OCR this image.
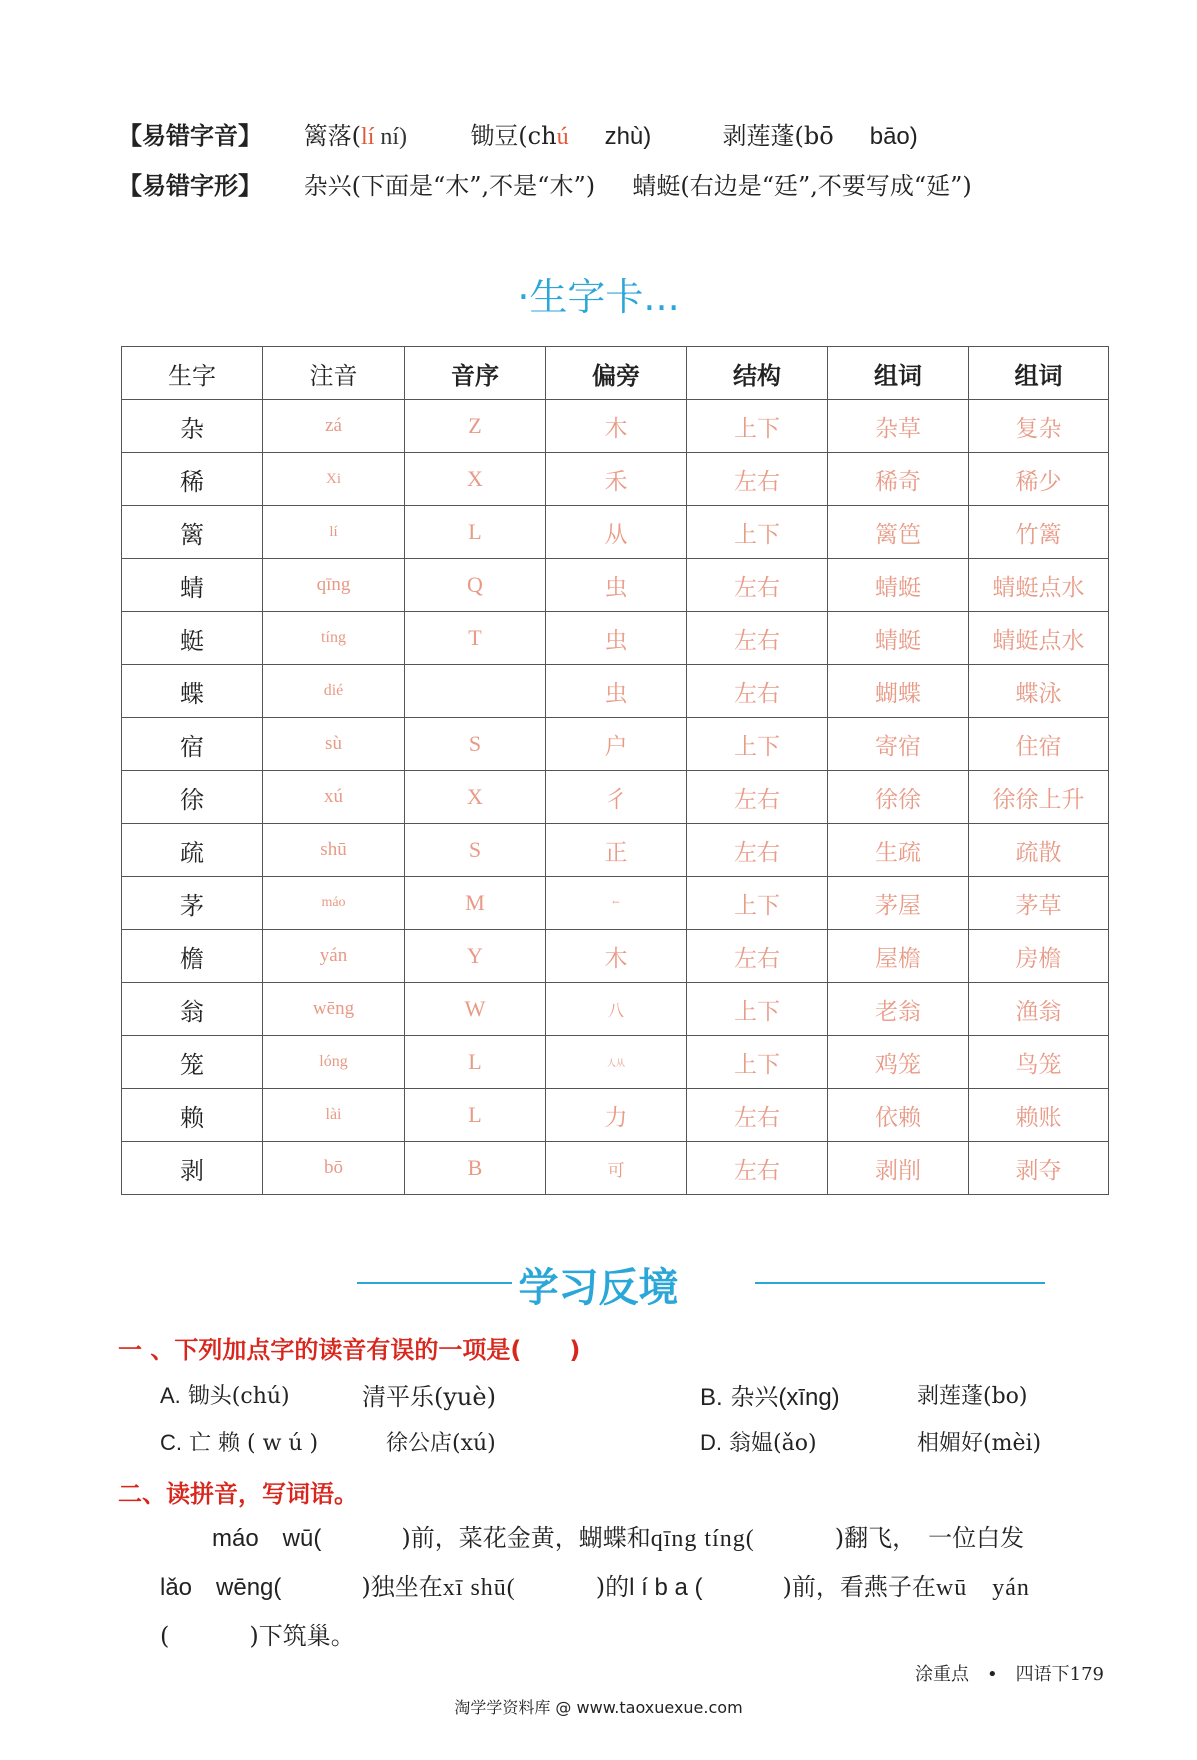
【易错字音】 篱落(lí ní)	锄豆(chú zhù)	剥莲蓬(bō bāo)
【易错字形】 杂兴(下面是“木”,不是“木”) 蜻蜓(右边是“廷”,不要写成“延”)
·生字卡...
生字	注音	音序	偏旁	结构	组词	组词
杂	zá	Z	木	上下	杂草	复杂
稀	Xi	X	禾	左右	稀奇	稀少
篱	lí	L	从	上下	篱笆	竹篱
蜻	qīng	Q	虫	左右	蜻蜓	蜻蜓点水
蜓	tíng	T	虫	左右	蜻蜓	蜻蜓点水
蝶	dié		虫	左右	蝴蝶	蝶泳
宿	sù	S	户	上下	寄宿	住宿
徐	xú	X	彳	左右	徐徐	徐徐上升
疏	shū	S	正	左右	生疏	疏散
茅	máo	M	←	上下	茅屋	茅草
檐	yán	Y	木	左右	屋檐	房檐
翁	wēng	W	八	上下	老翁	渔翁
笼	lóng	L	人从	上下	鸡笼	鸟笼
赖	lài	L	力	左右	依赖	赖账
剥	bō	B	可	左右	剥削	剥夺
学习反境
一 、下列加点字的读音有误的一项是(　　)
A. 锄头(chú)	清平乐(yuè)	B. 杂兴(xīng)	剥莲蓬(bo)
C. 亡 赖 ( w ú )	徐公店(xú)	D. 翁媪(ǎo)	相媚好(mèi)
二、读拼音，写词语。
máo　wū(	)前，菜花金黄，蝴蝶和qīng tíng(	)翻飞，　一位白发
lǎo　wēng(	)独坐在xī shū(	)的l í b a (	)前，看燕子在wū　yán
(	)下筑巢。
涂重点　•　四语下179
淘学学资料库 @ www.taoxuexue.com
